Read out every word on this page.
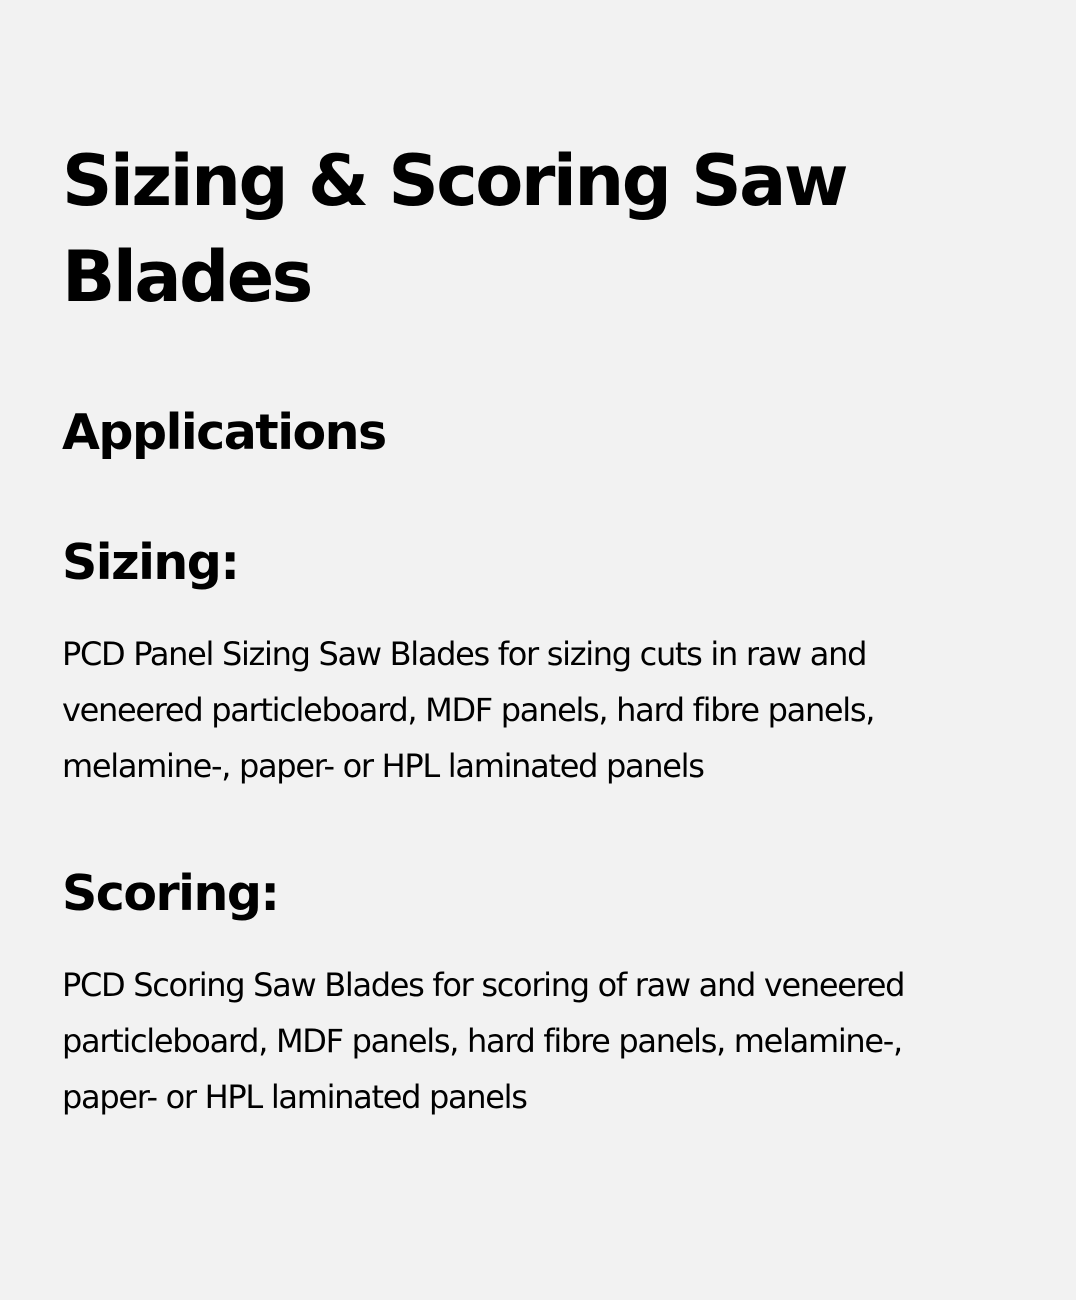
Sizing & Scoring Saw
Blades
Applications
Sizing:

PCD Panel Sizing Saw Blades for sizing cuts in raw and
veneered particleboard, MDF panels, hard fibre panels,
melamine-, paper- or HPL laminated panels

Scoring:

PCD Scoring Saw Blades for scoring of raw and veneered
particleboard, MDF panels, hard fibre panels, melamine-,
paper- or HPL laminated panels
